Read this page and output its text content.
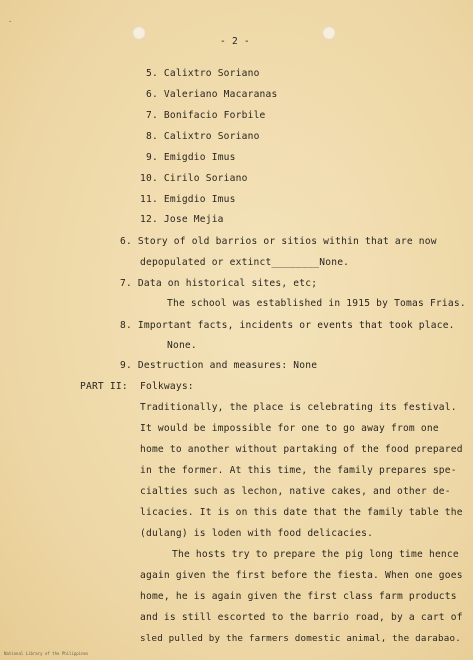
·
- 2 -
5. Calixtro Soriano
6. Valeriano Macaranas
7. Bonifacio Forbile
8. Calixtro Soriano
9. Emigdio Imus
10. Cirilo Soriano
11. Emigdio Imus
12. Jose Mejia
6. Story of old barrios or sitios within that are now
depopulated or extinct________None.
7. Data on historical sites, etc;
The school was established in 1915 by Tomas Frias.
8. Important facts, incidents or events that took place.
None.
9. Destruction and measures: None
PART II: Folkways:
Traditionally, the place is celebrating its festival.
It would be impossible for one to go away from one
home to another without partaking of the food prepared
in the former. At this time, the family prepares spe-
cialties such as lechon, native cakes, and other de-
licacies. It is on this date that the family table the
(dulang) is loden with food delicacies.
The hosts try to prepare the pig long time hence
again given the first before the fiesta. When one goes
home, he is again given the first class farm products
and is still escorted to the barrio road, by a cart of
sled pulled by the farmers domestic animal, the darabao.
National Library of the Philippines
